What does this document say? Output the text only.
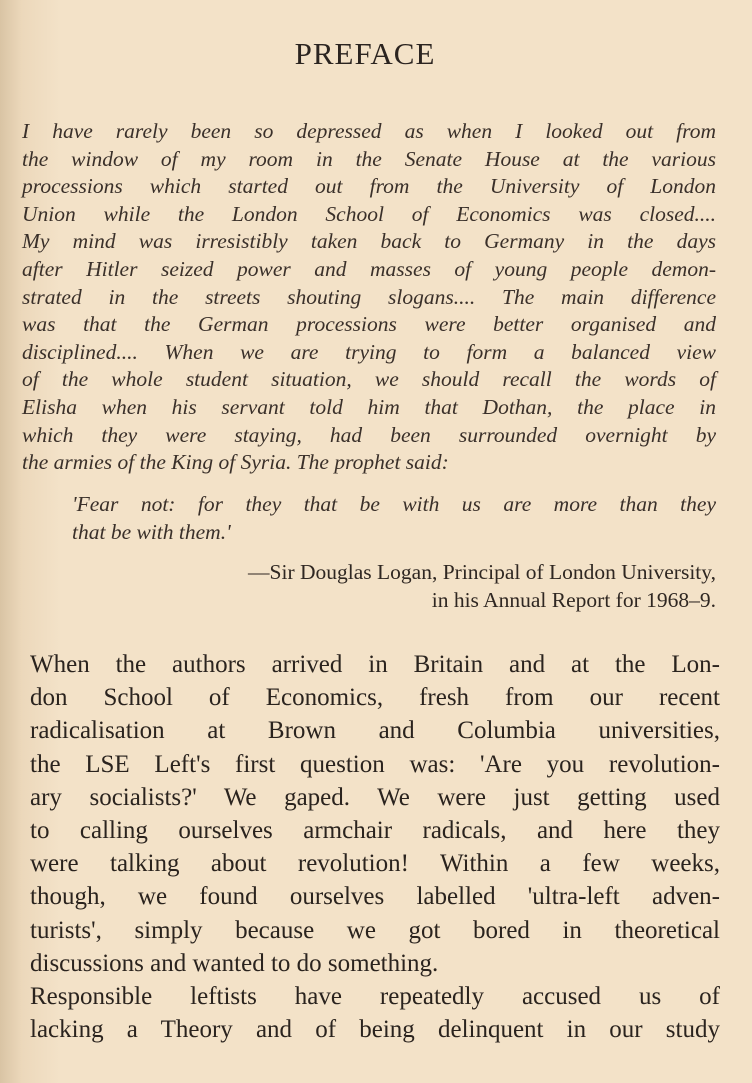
PREFACE
I have rarely been so depressed as when I looked out from
the window of my room in the Senate House at the various
processions which started out from the University of London
Union while the London School of Economics was closed....
My mind was irresistibly taken back to Germany in the days
after Hitler seized power and masses of young people demon-
strated in the streets shouting slogans.... The main difference
was that the German processions were better organised and
disciplined.... When we are trying to form a balanced view
of the whole student situation, we should recall the words of
Elisha when his servant told him that Dothan, the place in
which they were staying, had been surrounded overnight by
the armies of the King of Syria. The prophet said:
'Fear not: for they that be with us are more than they
that be with them.'
—Sir Douglas Logan, Principal of London University,
in his Annual Report for 1968–9.
When the authors arrived in Britain and at the Lon-
don School of Economics, fresh from our recent
radicalisation at Brown and Columbia universities,
the LSE Left's first question was: 'Are you revolution-
ary socialists?' We gaped. We were just getting used
to calling ourselves armchair radicals, and here they
were talking about revolution! Within a few weeks,
though, we found ourselves labelled 'ultra-left adven-
turists', simply because we got bored in theoretical
discussions and wanted to do something.
Responsible leftists have repeatedly accused us of
lacking a Theory and of being delinquent in our study
